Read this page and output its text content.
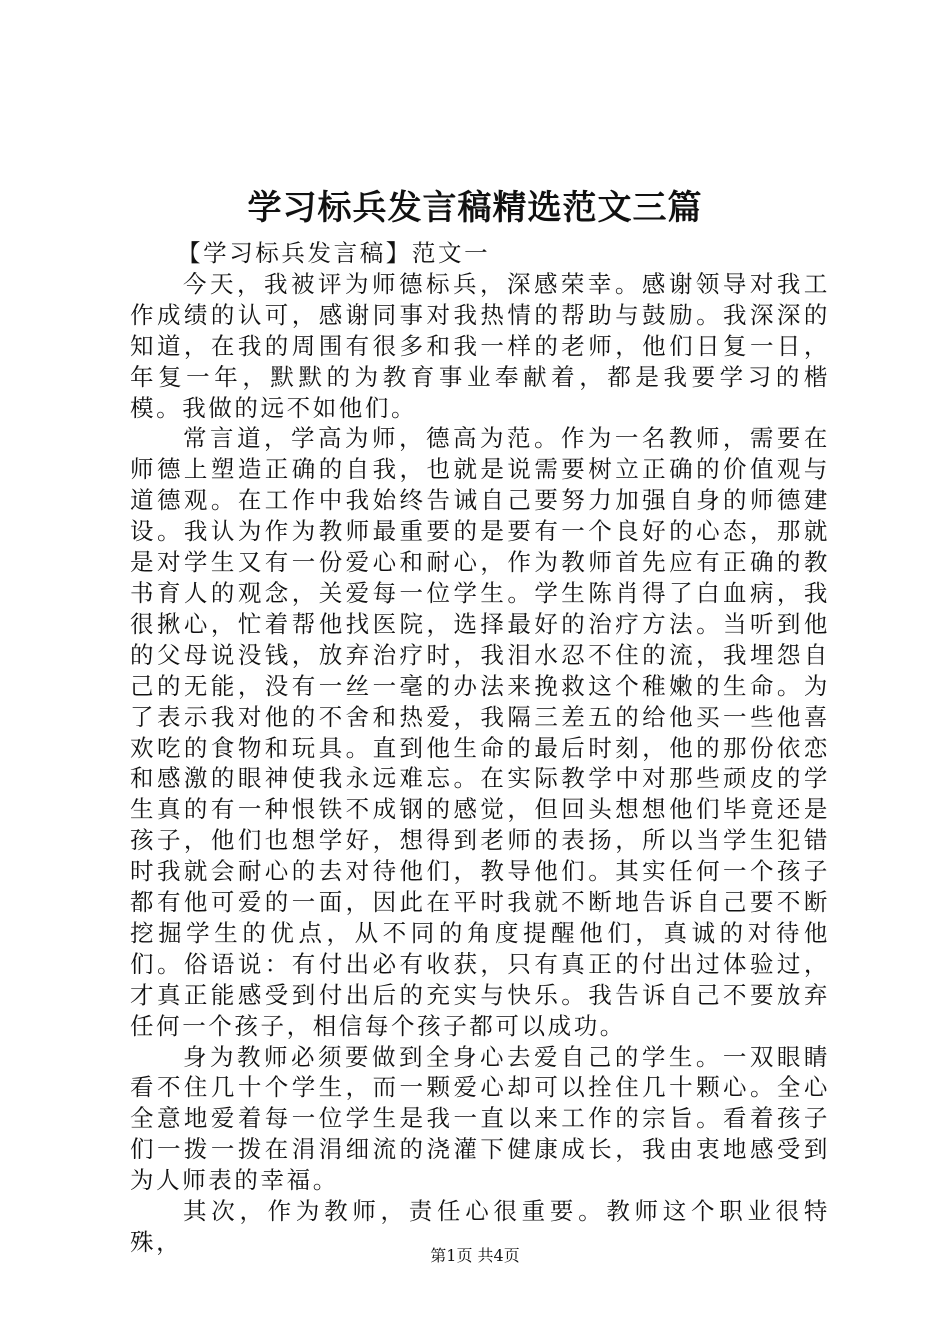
学习标兵发言稿精选范文三篇

【学习标兵发言稿】范文一

今天，我被评为师德标兵，深感荣幸。感谢领导对我工作成绩的认可，感谢同事对我热情的帮助与鼓励。我深深的知道，在我的周围有很多和我一样的老师，他们日复一日，年复一年，默默的为教育事业奉献着，都是我要学习的楷模。我做的远不如他们。

常言道，学高为师，德高为范。作为一名教师，需要在师德上塑造正确的自我，也就是说需要树立正确的价值观与道德观。在工作中我始终告诫自己要努力加强自身的师德建设。我认为作为教师最重要的是要有一个良好的心态，那就是对学生又有一份爱心和耐心，作为教师首先应有正确的教书育人的观念，关爱每一位学生。学生陈肖得了白血病，我很揪心，忙着帮他找医院，选择最好的治疗方法。当听到他的父母说没钱，放弃治疗时，我泪水忍不住的流，我埋怨自己的无能，没有一丝一毫的办法来挽救这个稚嫩的生命。为了表示我对他的不舍和热爱，我隔三差五的给他买一些他喜欢吃的食物和玩具。直到他生命的最后时刻，他的那份依恋和感激的眼神使我永远难忘。在实际教学中对那些顽皮的学生真的有一种恨铁不成钢的感觉，但回头想想他们毕竟还是孩子，他们也想学好，想得到老师的表扬，所以当学生犯错时我就会耐心的去对待他们，教导他们。其实任何一个孩子都有他可爱的一面，因此在平时我就不断地告诉自己要不断挖掘学生的优点，从不同的角度提醒他们，真诚的对待他们。俗语说：有付出必有收获，只有真正的付出过体验过，才真正能感受到付出后的充实与快乐。我告诉自己不要放弃任何一个孩子，相信每个孩子都可以成功。

身为教师必须要做到全身心去爱自己的学生。一双眼睛看不住几十个学生，而一颗爱心却可以拴住几十颗心。全心全意地爱着每一位学生是我一直以来工作的宗旨。看着孩子们一拨一拨在涓涓细流的浇灌下健康成长，我由衷地感受到为人师表的幸福。

其次，作为教师，责任心很重要。教师这个职业很特殊，	第1页 共4页
